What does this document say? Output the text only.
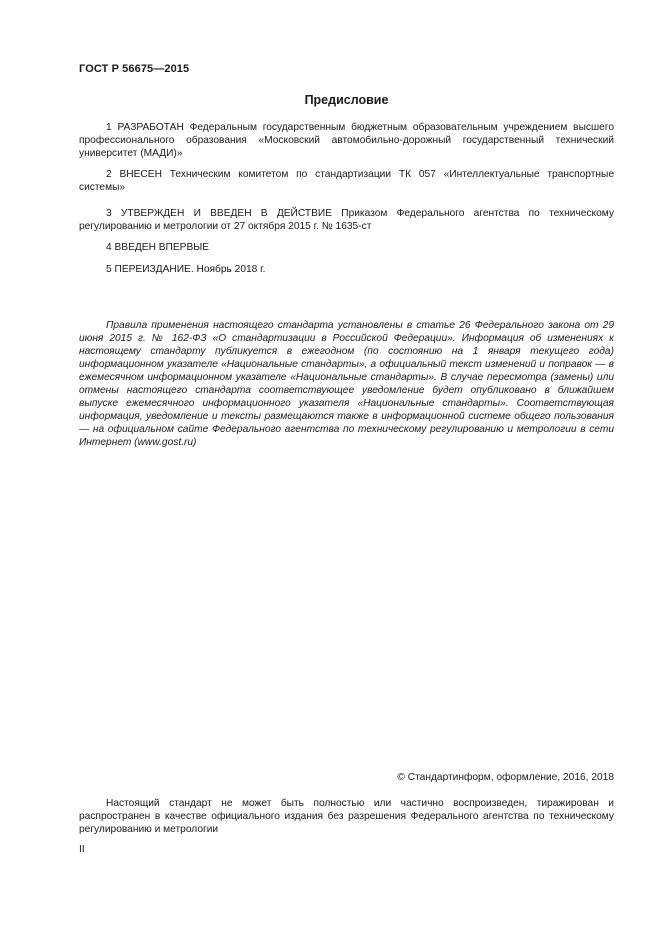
ГОСТ Р 56675—2015
Предисловие

1 РАЗРАБОТАН Федеральным государственным бюджетным образовательным учреждением высшего профессионального образования «Московский автомобильно-дорожный государственный технический университет (МАДИ)»

2 ВНЕСЕН Техническим комитетом по стандартизации ТК 057 «Интеллектуальные транспортные системы»

3 УТВЕРЖДЕН И ВВЕДЕН В ДЕЙСТВИЕ Приказом Федерального агентства по техническому регулированию и метрологии от 27 октября 2015 г. № 1635-ст

4 ВВЕДЕН ВПЕРВЫЕ

5 ПЕРЕИЗДАНИЕ. Ноябрь 2018 г.

Правила применения настоящего стандарта установлены в статье 26 Федерального закона от 29 июня 2015 г. № 162-ФЗ «О стандартизации в Российской Федерации». Информация об изменениях к настоящему стандарту публикуется в ежегодном (по состоянию на 1 января текущего года) информационном указателе «Национальные стандарты», а официальный текст изменений и поправок — в ежемесячном информационном указателе «Национальные стандарты». В случае пересмотра (замены) или отмены настоящего стандарта соответствующее уведомление будет опубликовано в ближайшем выпуске ежемесячного информационного указателя «Национальные стандарты». Соответствующая информация, уведомление и тексты размещаются также в информационной системе общего пользования — на официальном сайте Федерального агентства по техническому регулированию и метрологии в сети Интернет (www.gost.ru)

© Стандартинформ, оформление, 2016, 2018

Настоящий стандарт не может быть полностью или частично воспроизведен, тиражирован и распространен в качестве официального издания без разрешения Федерального агентства по техническому регулированию и метрологии

II
